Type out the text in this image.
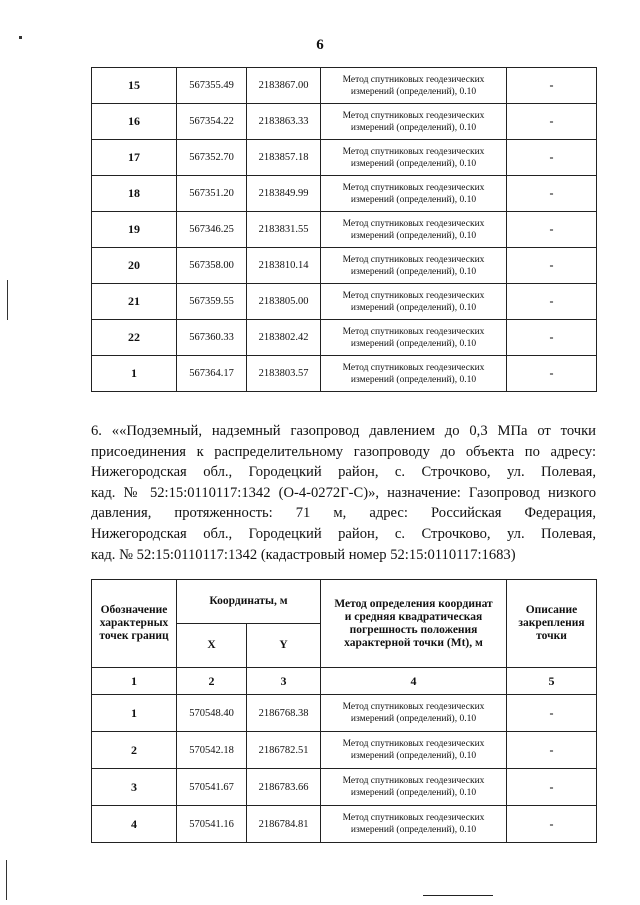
6
15	567355.49	2183867.00	Метод спутниковых геодезических
измерений (определений), 0.10	-
16	567354.22	2183863.33	Метод спутниковых геодезических
измерений (определений), 0.10	-
17	567352.70	2183857.18	Метод спутниковых геодезических
измерений (определений), 0.10	-
18	567351.20	2183849.99	Метод спутниковых геодезических
измерений (определений), 0.10	-
19	567346.25	2183831.55	Метод спутниковых геодезических
измерений (определений), 0.10	-
20	567358.00	2183810.14	Метод спутниковых геодезических
измерений (определений), 0.10	-
21	567359.55	2183805.00	Метод спутниковых геодезических
измерений (определений), 0.10	-
22	567360.33	2183802.42	Метод спутниковых геодезических
измерений (определений), 0.10	-
1	567364.17	2183803.57	Метод спутниковых геодезических
измерений (определений), 0.10	-
6. ««Подземный, надземный газопровод давлением до 0,3 МПа от точки
присоединения к распределительному газопроводу до объекта по адресу:
Нижегородская обл., Городецкий район, с. Строчково, ул. Полевая,
кад. № 52:15:0110117:1342 (О-4-0272Г-С)», назначение: Газопровод низкого
давления, протяженность: 71 м, адрес: Российская Федерация,
Нижегородская обл., Городецкий район, с. Строчково, ул. Полевая,
кад. № 52:15:0110117:1342 (кадастровый номер 52:15:0110117:1683)
Обозначение
характерных
точек границ	Координаты, м		Метод определения координат
и средняя квадратическая
погрешность положения
характерной точки (Mt), м	Описание
закрепления
точки
	X	Y		
1	2	3	4	5
1	570548.40	2186768.38	Метод спутниковых геодезических
измерений (определений), 0.10	-
2	570542.18	2186782.51	Метод спутниковых геодезических
измерений (определений), 0.10	-
3	570541.67	2186783.66	Метод спутниковых геодезических
измерений (определений), 0.10	-
4	570541.16	2186784.81	Метод спутниковых геодезических
измерений (определений), 0.10	-
